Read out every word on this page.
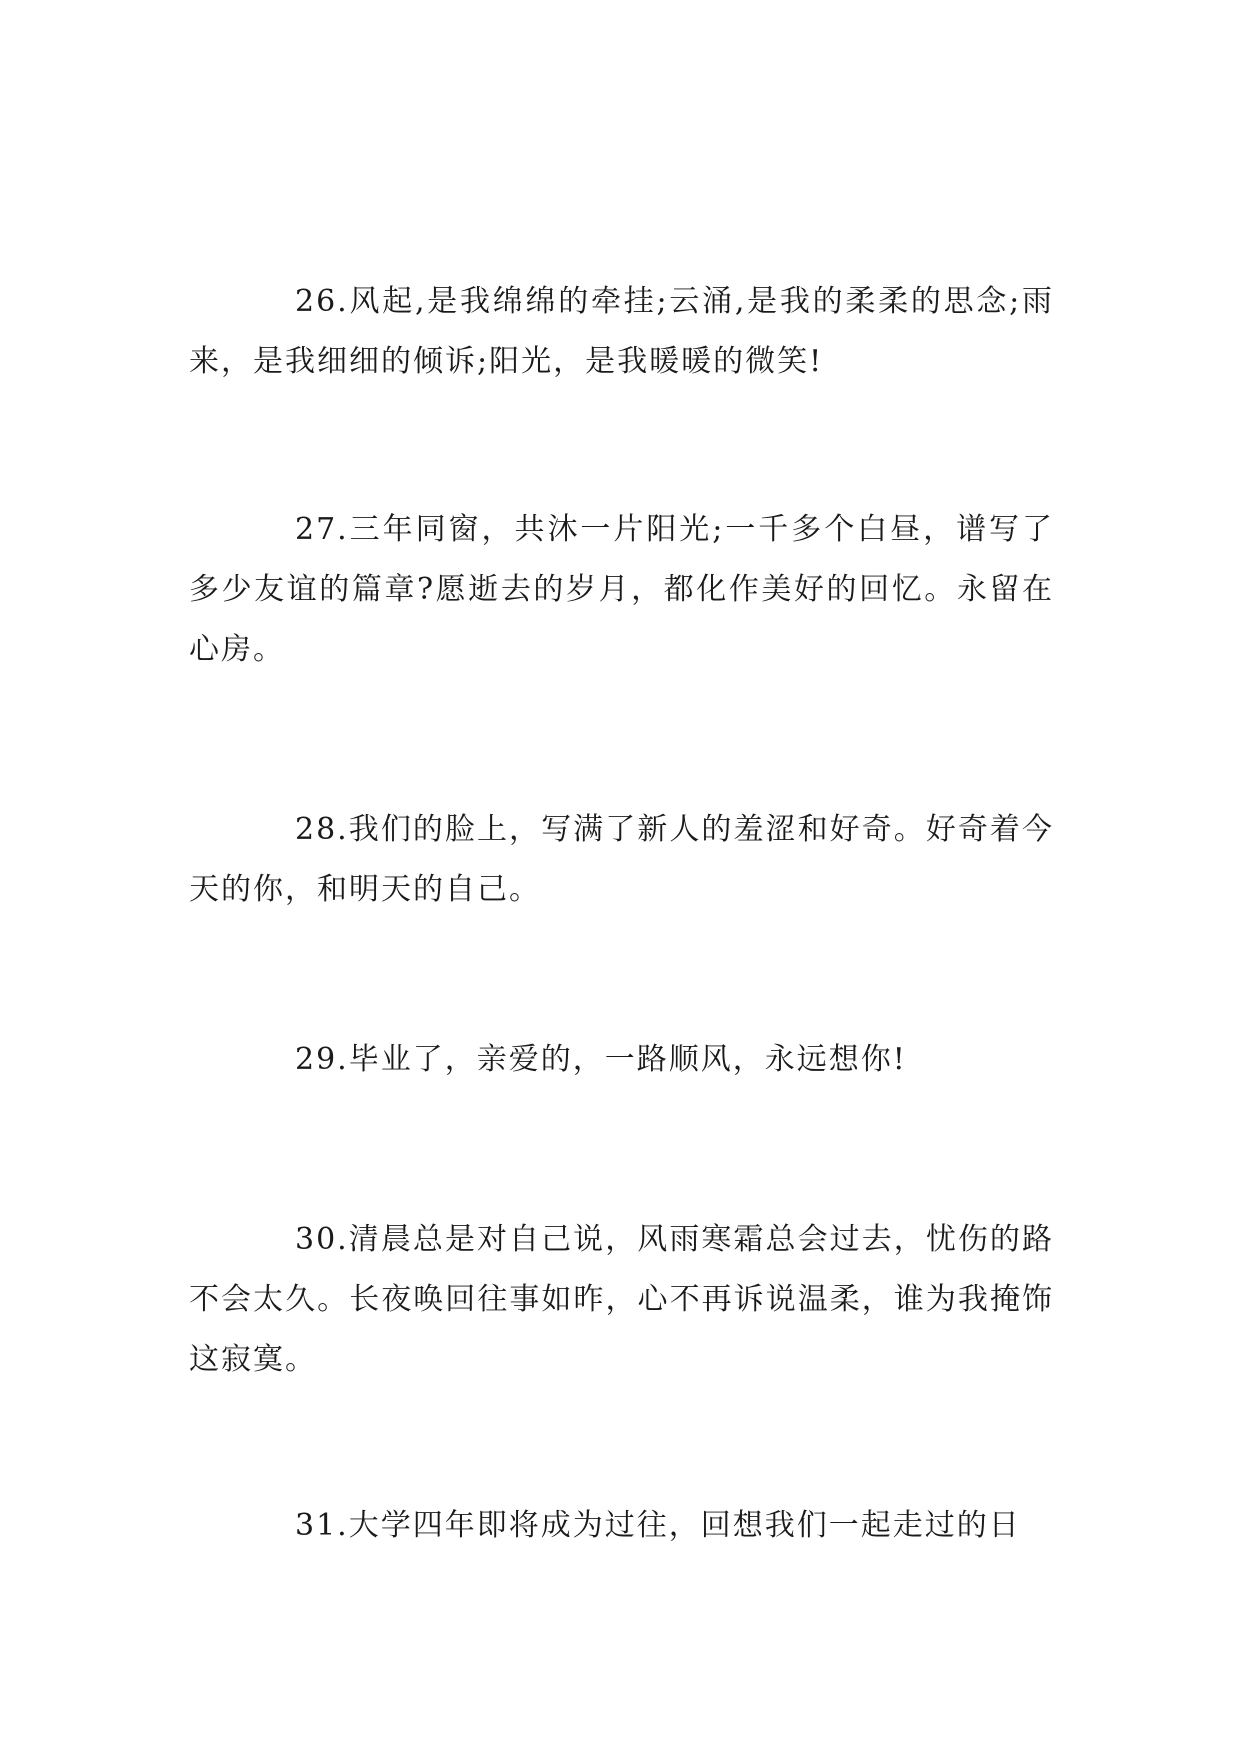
26.风起,是我绵绵的牵挂;云涌,是我的柔柔的思念;雨来，是我细细的倾诉;阳光，是我暖暖的微笑!

27.三年同窗，共沐一片阳光;一千多个白昼，谱写了多少友谊的篇章?愿逝去的岁月，都化作美好的回忆。永留在心房。

28.我们的脸上，写满了新人的羞涩和好奇。好奇着今天的你，和明天的自己。

29.毕业了，亲爱的，一路顺风，永远想你!

30.清晨总是对自己说，风雨寒霜总会过去，忧伤的路不会太久。长夜唤回往事如昨，心不再诉说温柔，谁为我掩饰这寂寞。

31.大学四年即将成为过往，回想我们一起走过的日
